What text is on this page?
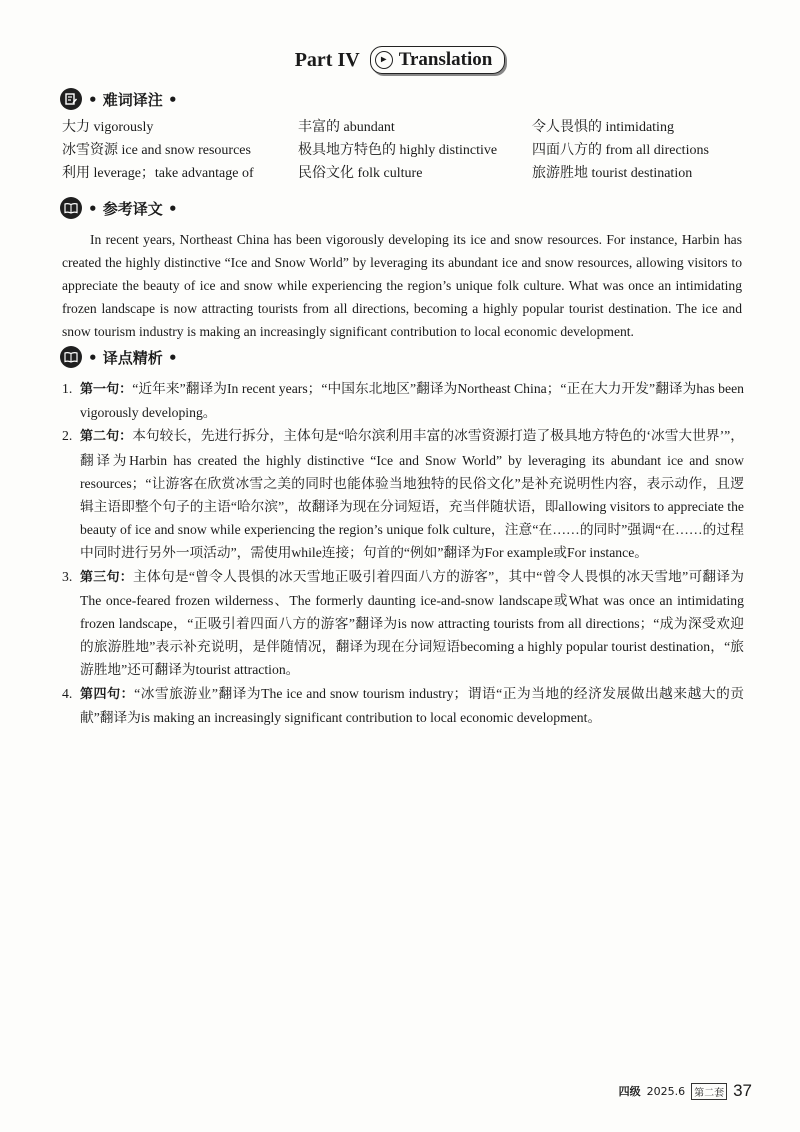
Part IV	▸ Translation
• 难词译注 •
大力 vigorously	丰富的 abundant	令人畏惧的 intimidating
冰雪资源 ice and snow resources	极具地方特色的 highly distinctive	四面八方的 from all directions
利用 leverage；take advantage of	民俗文化 folk culture	旅游胜地 tourist destination
• 参考译文 •

In recent years, Northeast China has been vigorously developing its ice and snow resources. For instance, Harbin has created the highly distinctive “Ice and Snow World” by leveraging its abundant ice and snow resources, allowing visitors to appreciate the beauty of ice and snow while experiencing the region’s unique folk culture. What was once an intimidating frozen landscape is now attracting tourists from all directions, becoming a highly popular tourist destination. The ice and snow tourism industry is making an increasingly significant contribution to local economic development.

• 译点精析 •
1. 第一句：“近年来”翻译为In recent years；“中国东北地区”翻译为Northeast China；“正在大力开发”翻译为has been vigorously developing。
2. 第二句：本句较长，先进行拆分，主体句是“哈尔滨利用丰富的冰雪资源打造了极具地方特色的‘冰雪大世界’”，翻译为Harbin has created the highly distinctive “Ice and Snow World” by leveraging its abundant ice and snow resources；“让游客在欣赏冰雪之美的同时也能体验当地独特的民俗文化”是补充说明性内容，表示动作，且逻辑主语即整个句子的主语“哈尔滨”，故翻译为现在分词短语，充当伴随状语，即allowing visitors to appreciate the beauty of ice and snow while experiencing the region’s unique folk culture，注意“在……的同时”强调“在……的过程中同时进行另外一项活动”，需使用while连接；句首的“例如”翻译为For example或For instance。
3. 第三句：主体句是“曾令人畏惧的冰天雪地正吸引着四面八方的游客”，其中“曾令人畏惧的冰天雪地”可翻译为The once-feared frozen wilderness、The formerly daunting ice-and-snow landscape或What was once an intimidating frozen landscape，“正吸引着四面八方的游客”翻译为is now attracting tourists from all directions；“成为深受欢迎的旅游胜地”表示补充说明，是伴随情况，翻译为现在分词短语becoming a highly popular tourist destination，“旅游胜地”还可翻译为tourist attraction。
4. 第四句：“冰雪旅游业”翻译为The ice and snow tourism industry；谓语“正为当地的经济发展做出越来越大的贡献”翻译为is making an increasingly significant contribution to local economic development。
四级 2025.6 第二套 37
